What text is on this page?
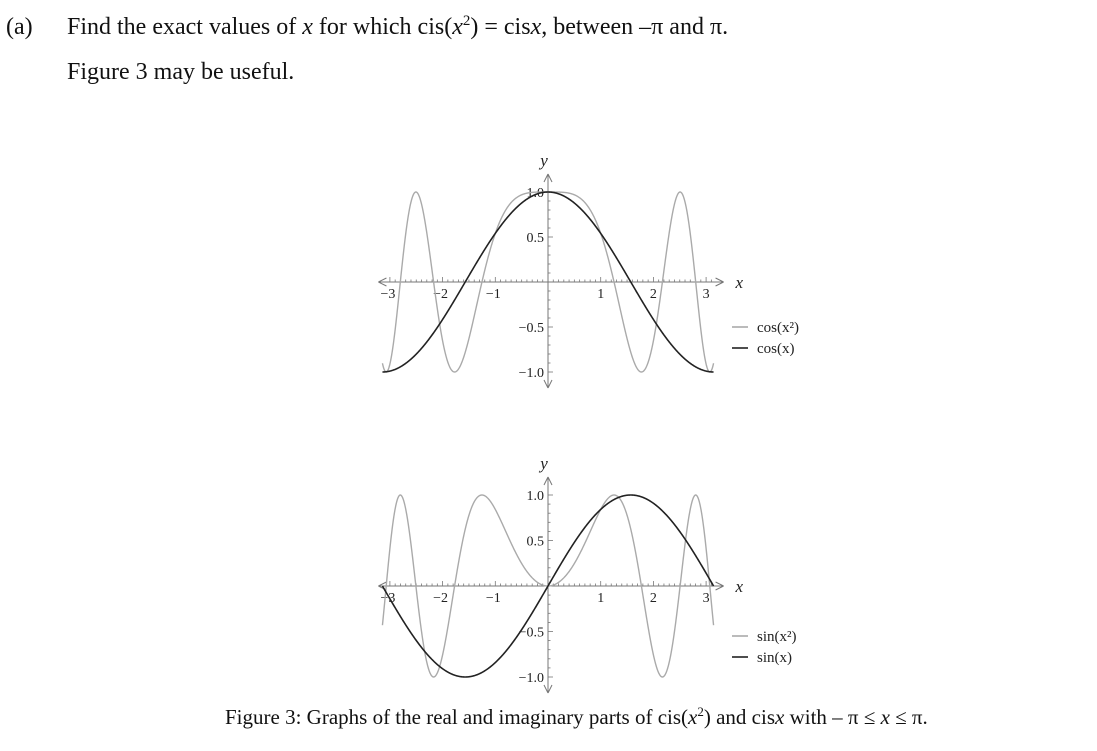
(a) Find the exact values of x for which $cis(x^2)$ = cisx, between –π and π.
Figure 3 may be useful.
y
x
−3	−2	−1	1	2	3
1.0
0.5
−0.5
−1.0
cos(x²)
cos(x)
y
x
−3	−2	−1	1	2	3
1.0
0.5
−0.5
−1.0
sin(x²)
sin(x)
Figure 3: Graphs of the real and imaginary parts of $cis(x^2)$ and cisx with – π ≤ x ≤ π.
